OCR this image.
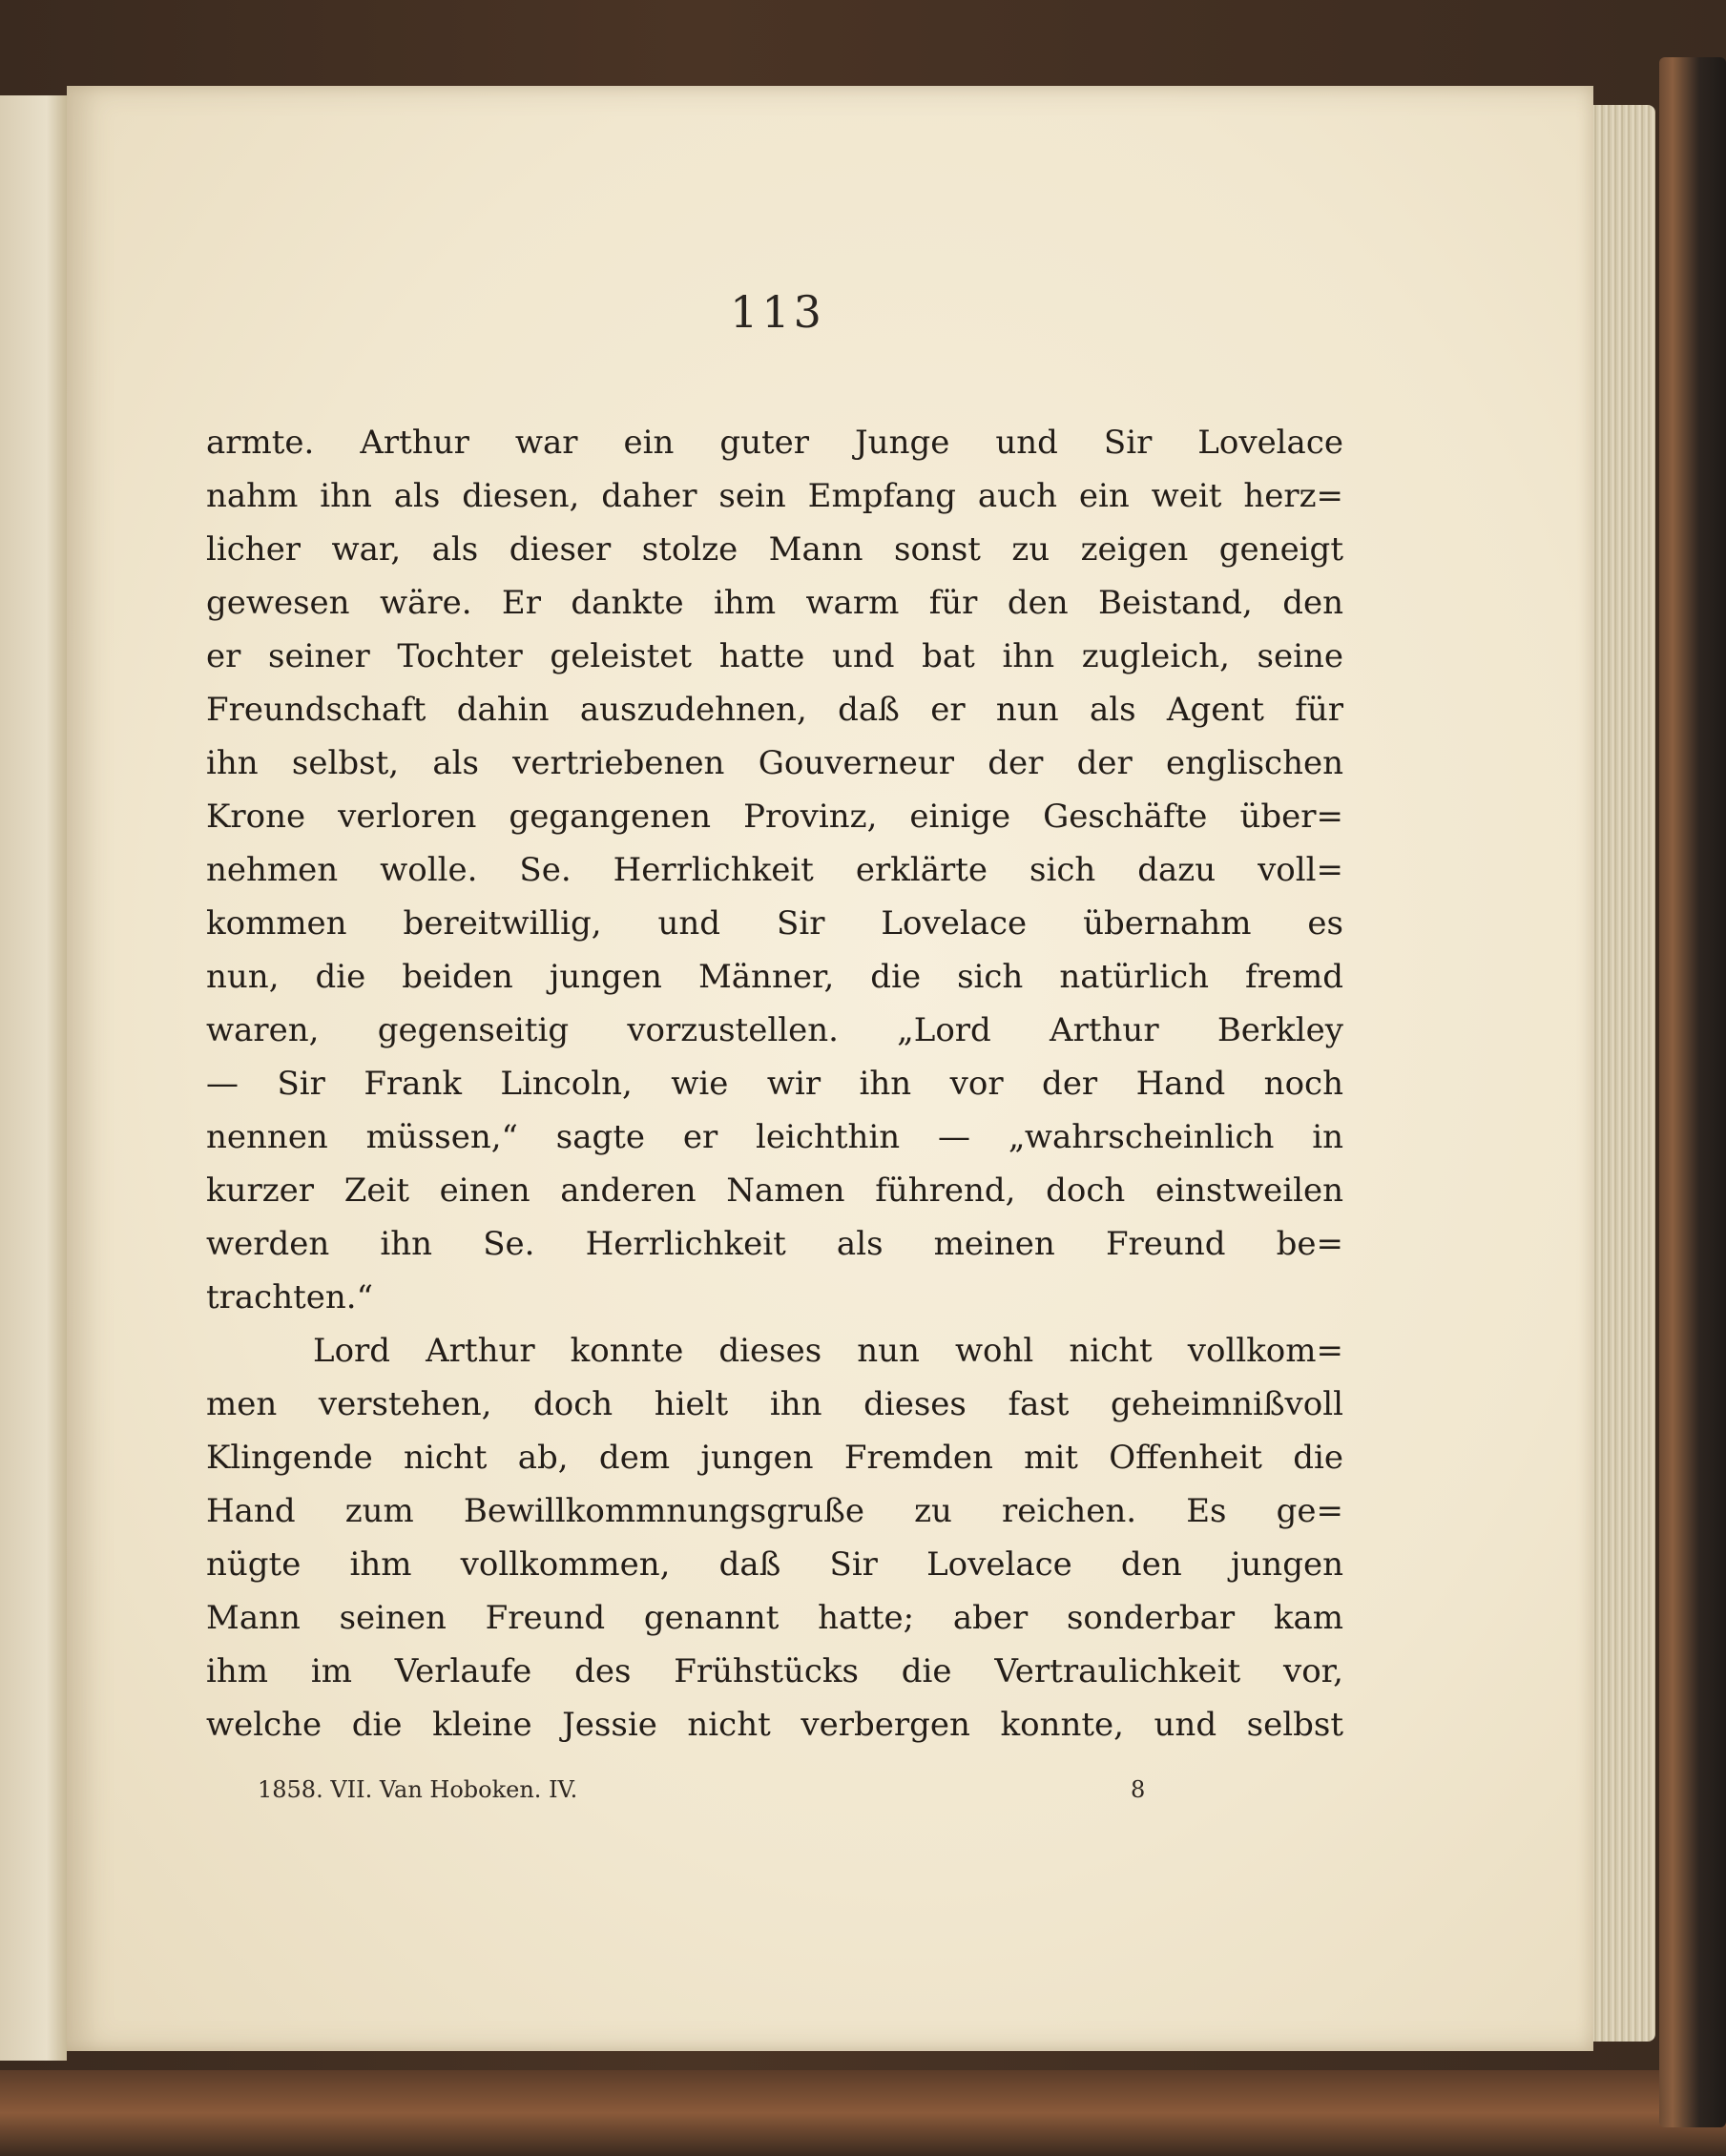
113
armte. Arthur war ein guter Junge und Sir Lovelace
nahm ihn als diesen, daher sein Empfang auch ein weit herz=
licher war, als dieser stolze Mann sonst zu zeigen geneigt
gewesen wäre. Er dankte ihm warm für den Beistand, den
er seiner Tochter geleistet hatte und bat ihn zugleich, seine
Freundschaft dahin auszudehnen, daß er nun als Agent für
ihn selbst, als vertriebenen Gouverneur der der englischen
Krone verloren gegangenen Provinz, einige Geschäfte über=
nehmen wolle. Se. Herrlichkeit erklärte sich dazu voll=
kommen bereitwillig, und Sir Lovelace übernahm es
nun, die beiden jungen Männer, die sich natürlich fremd
waren, gegenseitig vorzustellen. „Lord Arthur Berkley
— Sir Frank Lincoln, wie wir ihn vor der Hand noch
nennen müssen,“ sagte er leichthin — „wahrscheinlich in
kurzer Zeit einen anderen Namen führend, doch einstweilen
werden ihn Se. Herrlichkeit als meinen Freund be=
trachten.“
Lord Arthur konnte dieses nun wohl nicht vollkom=
men verstehen, doch hielt ihn dieses fast geheimnißvoll
Klingende nicht ab, dem jungen Fremden mit Offenheit die
Hand zum Bewillkommnungsgruße zu reichen. Es ge=
nügte ihm vollkommen, daß Sir Lovelace den jungen
Mann seinen Freund genannt hatte; aber sonderbar kam
ihm im Verlaufe des Frühstücks die Vertraulichkeit vor,
welche die kleine Jessie nicht verbergen konnte, und selbst
1858. VII. Van Hoboken. IV.	8
